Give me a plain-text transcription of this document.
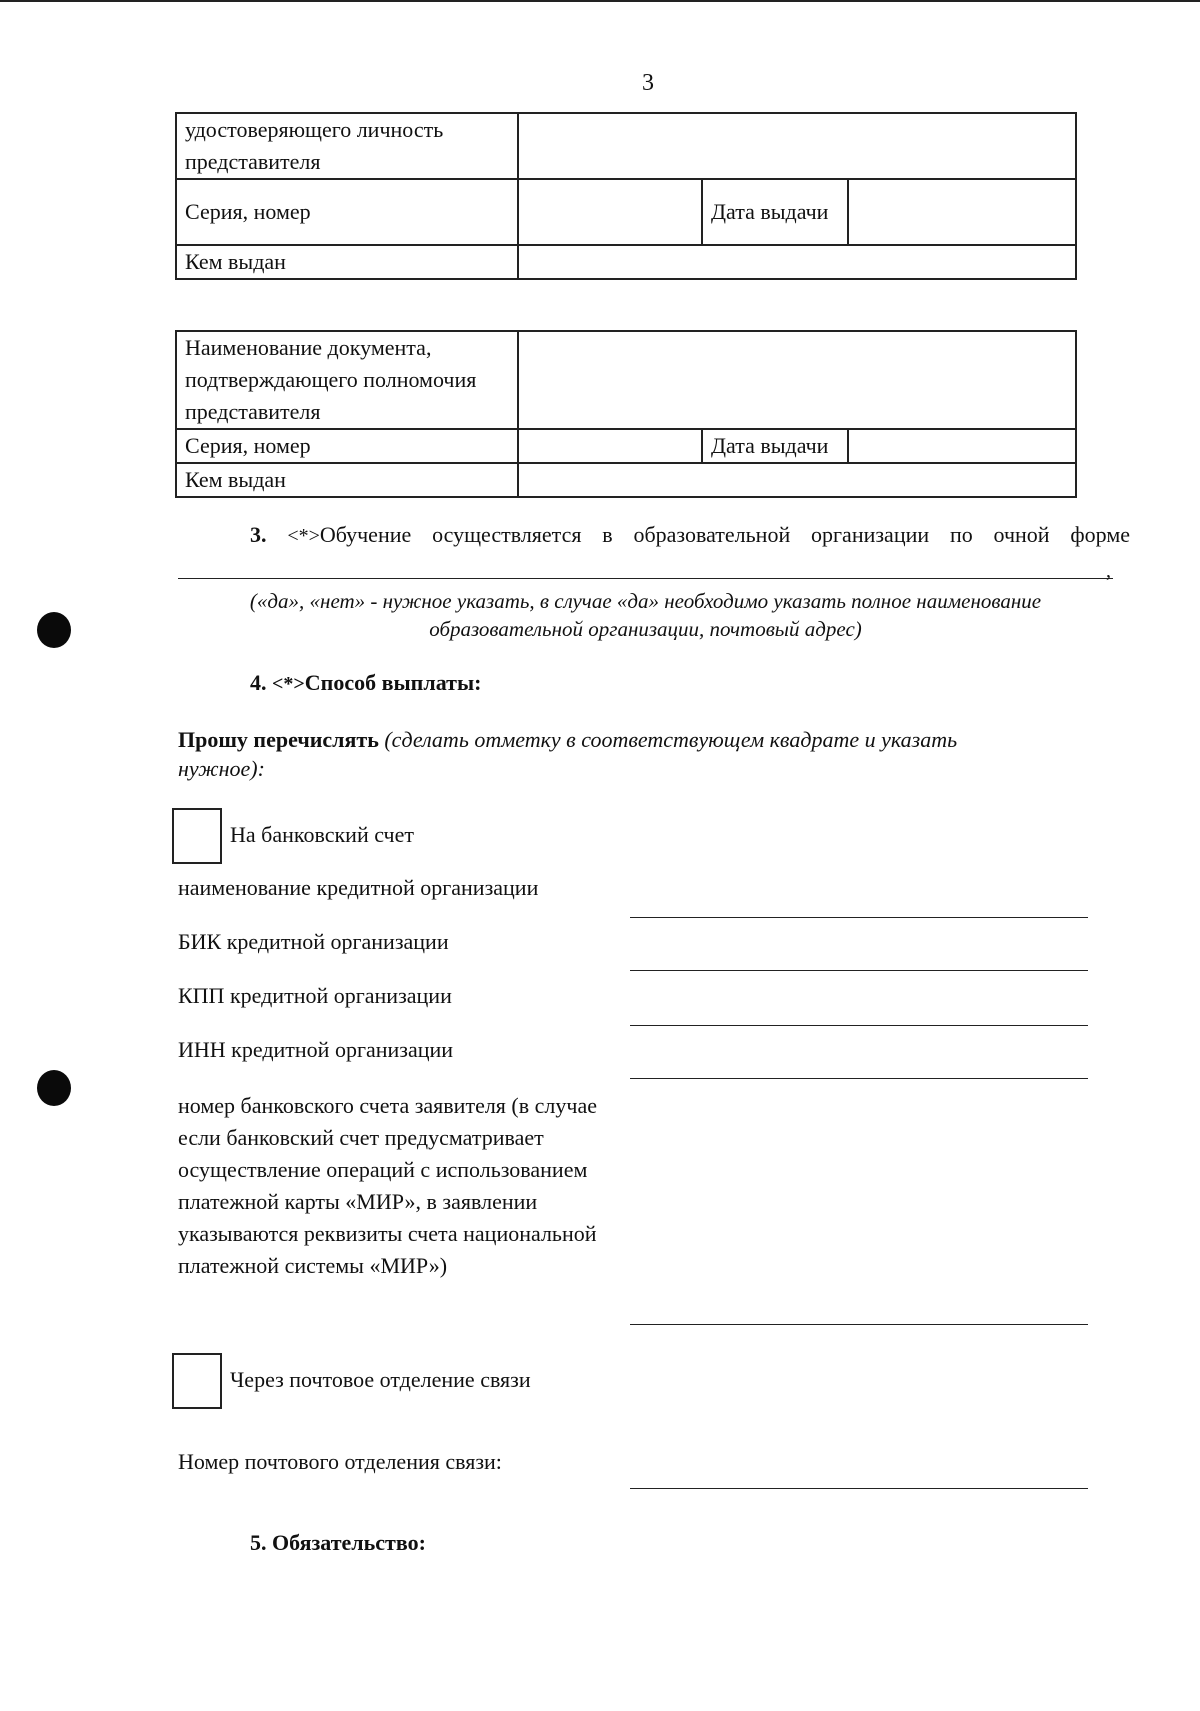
3
удостоверяющего личность представителя			
Серия, номер		Дата выдачи	
Кем выдан			
Наименование документа, подтверждающего полномочия представителя			
Серия, номер		Дата выдачи	
Кем выдан			
3. <*>Обучение осуществляется в образовательной организации по очной форме
,
(«да», «нет» - нужное указать, в случае «да» необходимо указать полное наименование образовательной организации, почтовый адрес)
4. <*>Способ выплаты:
Прошу перечислять (сделать отметку в соответствующем квадрате и указать нужное):
На банковский счет
наименование кредитной организации
БИК кредитной организации
КПП кредитной организации
ИНН кредитной организации
номер банковского счета заявителя (в случае если банковский счет предусматривает осуществление операций с использованием платежной карты «МИР», в заявлении указываются реквизиты счета национальной платежной системы «МИР»)
Через почтовое отделение связи
Номер почтового отделения связи:
5. Обязательство:
